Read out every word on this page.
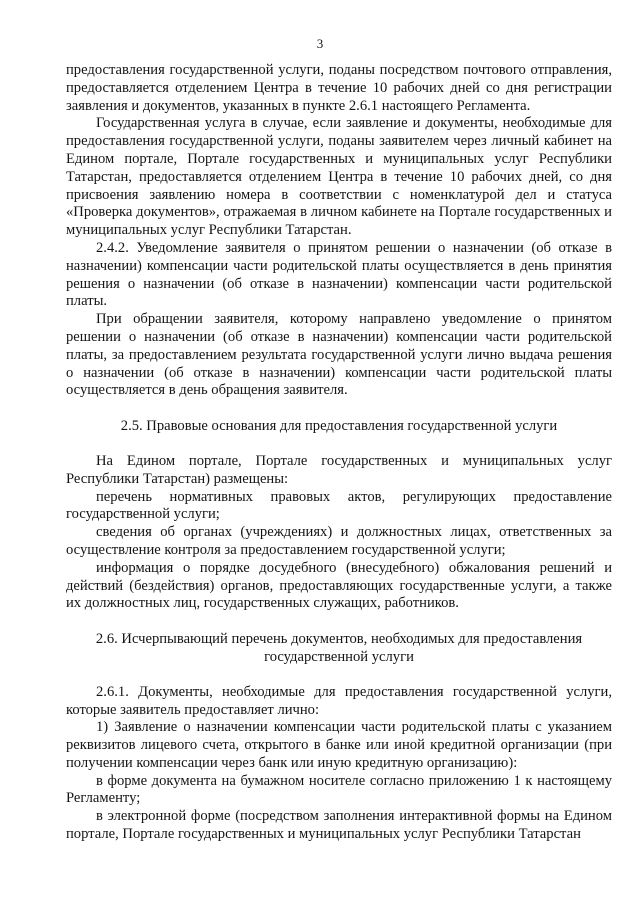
3

предоставления государственной услуги, поданы посредством почтового отправления, предоставляется отделением Центра в течение 10 рабочих дней со дня регистрации заявления и документов, указанных в пункте 2.6.1 настоящего Регламента.

Государственная услуга в случае, если заявление и документы, необходимые для предоставления государственной услуги, поданы заявителем через личный кабинет на Едином портале, Портале государственных и муниципальных услуг Республики Татарстан, предоставляется отделением Центра в течение 10 рабочих дней, со дня присвоения заявлению номера в соответствии с номенклатурой дел и статуса «Проверка документов», отражаемая в личном кабинете на Портале государственных и муниципальных услуг Республики Татарстан.

2.4.2. Уведомление заявителя о принятом решении о назначении (об отказе в назначении) компенсации части родительской платы осуществляется в день принятия решения о назначении (об отказе в назначении) компенсации части родительской платы.

При обращении заявителя, которому направлено уведомление о принятом решении о назначении (об отказе в назначении) компенсации части родительской платы, за предоставлением результата государственной услуги лично выдача решения о назначении (об отказе в назначении) компенсации части родительской платы осуществляется в день обращения заявителя.

2.5. Правовые основания для предоставления государственной услуги

На Едином портале, Портале государственных и муниципальных услуг Республики Татарстан) размещены:

перечень нормативных правовых актов, регулирующих предоставление государственной услуги;

сведения об органах (учреждениях) и должностных лицах, ответственных за осуществление контроля за предоставлением государственной услуги;

информация о порядке досудебного (внесудебного) обжалования решений и действий (бездействия) органов, предоставляющих государственные услуги, а также их должностных лиц, государственных служащих, работников.

2.6. Исчерпывающий перечень документов, необходимых для предоставления государственной услуги

2.6.1. Документы, необходимые для предоставления государственной услуги, которые заявитель предоставляет лично:

1) Заявление о назначении компенсации части родительской платы с указанием реквизитов лицевого счета, открытого в банке или иной кредитной организации (при получении компенсации через банк или иную кредитную организацию):

в форме документа на бумажном носителе согласно приложению 1 к настоящему Регламенту;

в электронной форме (посредством заполнения интерактивной формы на Едином портале, Портале государственных и муниципальных услуг Республики Татарстан
